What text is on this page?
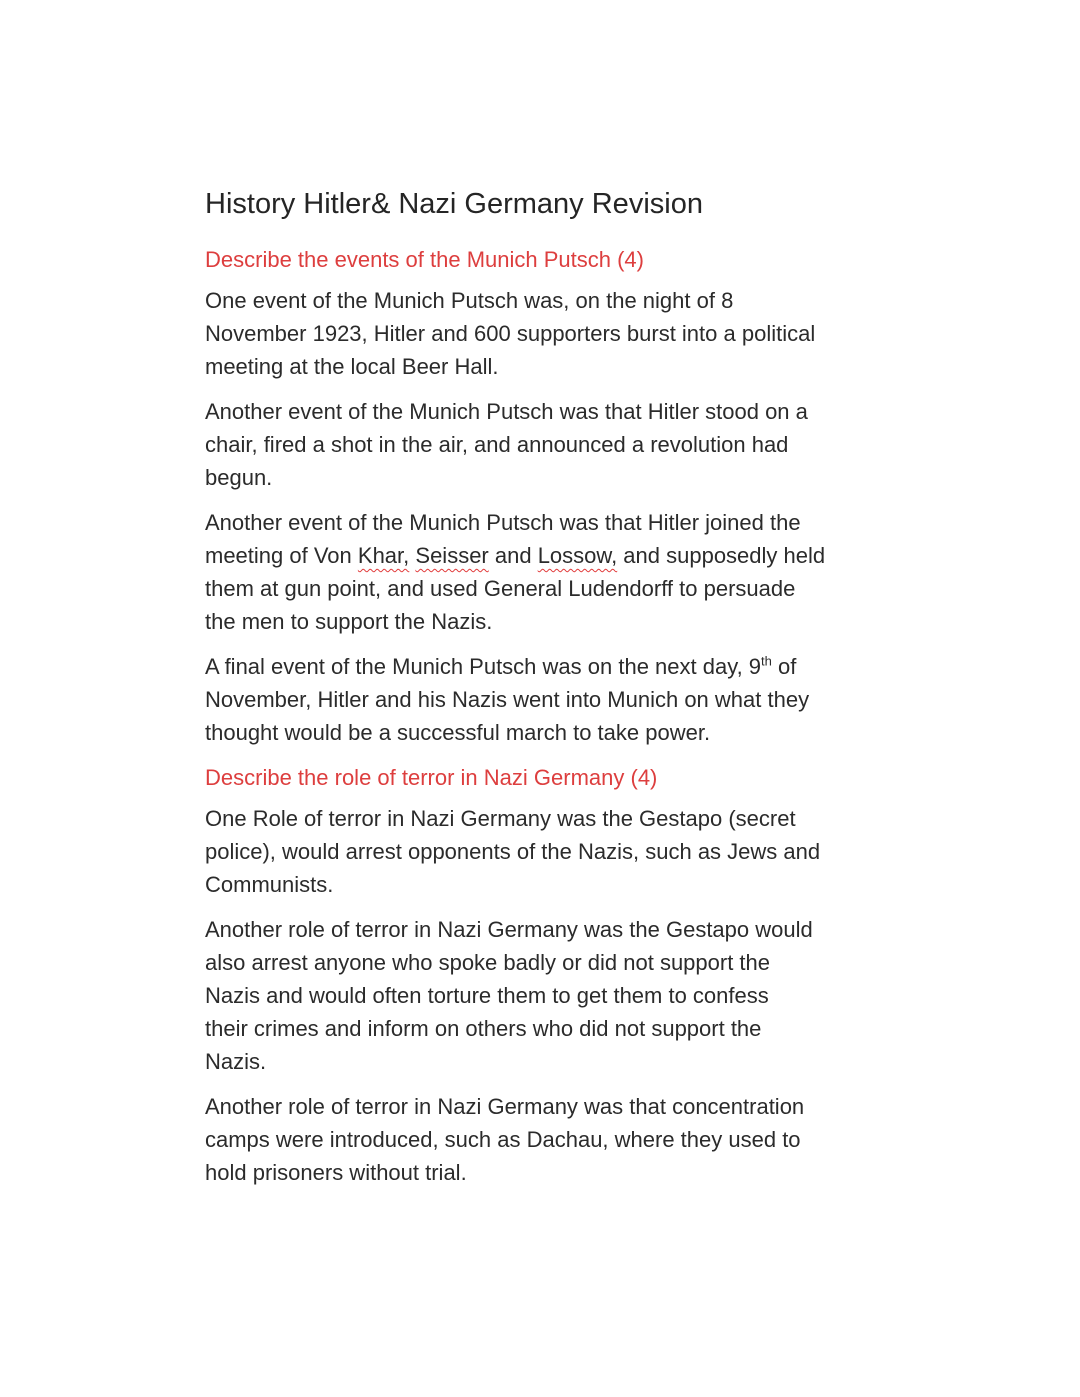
History Hitler& Nazi Germany Revision
Describe the events of the Munich Putsch (4)
One event of the Munich Putsch was, on the night of 8
November 1923, Hitler and 600 supporters burst into a political
meeting at the local Beer Hall.
Another event of the Munich Putsch was that Hitler stood on a
chair, fired a shot in the air, and announced a revolution had
begun.
Another event of the Munich Putsch was that Hitler joined the
meeting of Von Khar, Seisser and Lossow, and supposedly held
them at gun point, and used General Ludendorff to persuade
the men to support the Nazis.
A final event of the Munich Putsch was on the next day, 9th of
November, Hitler and his Nazis went into Munich on what they
thought would be a successful march to take power.
Describe the role of terror in Nazi Germany (4)
One Role of terror in Nazi Germany was the Gestapo (secret
police), would arrest opponents of the Nazis, such as Jews and
Communists.
Another role of terror in Nazi Germany was the Gestapo would
also arrest anyone who spoke badly or did not support the
Nazis and would often torture them to get them to confess
their crimes and inform on others who did not support the
Nazis.
Another role of terror in Nazi Germany was that concentration
camps were introduced, such as Dachau, where they used to
hold prisoners without trial.
